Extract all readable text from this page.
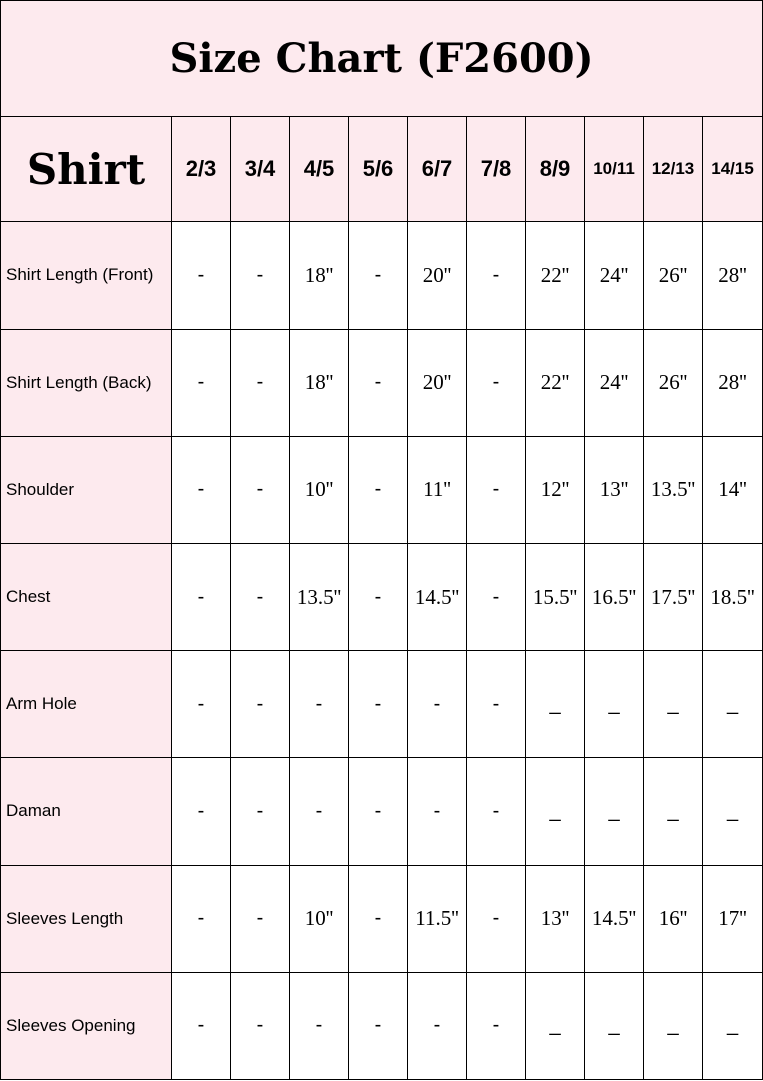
Size Chart (F2600)										
Shirt	2/3	3/4	4/5	5/6	6/7	7/8	8/9	10/11	12/13	14/15
Shirt Length (Front)	-	-	18''	-	20''	-	22''	24''	26''	28''
Shirt Length (Back)	-	-	18''	-	20''	-	22''	24''	26''	28''
Shoulder	-	-	10''	-	11''	-	12''	13''	13.5''	14''
Chest	-	-	13.5''	-	14.5''	-	15.5''	16.5''	17.5''	18.5''
Arm Hole	-	-	-	-	-	-	_	_	_	_
Daman	-	-	-	-	-	-	_	_	_	_
Sleeves Length	-	-	10''	-	11.5''	-	13''	14.5''	16''	17''
Sleeves Opening	-	-	-	-	-	-	_	_	_	_
